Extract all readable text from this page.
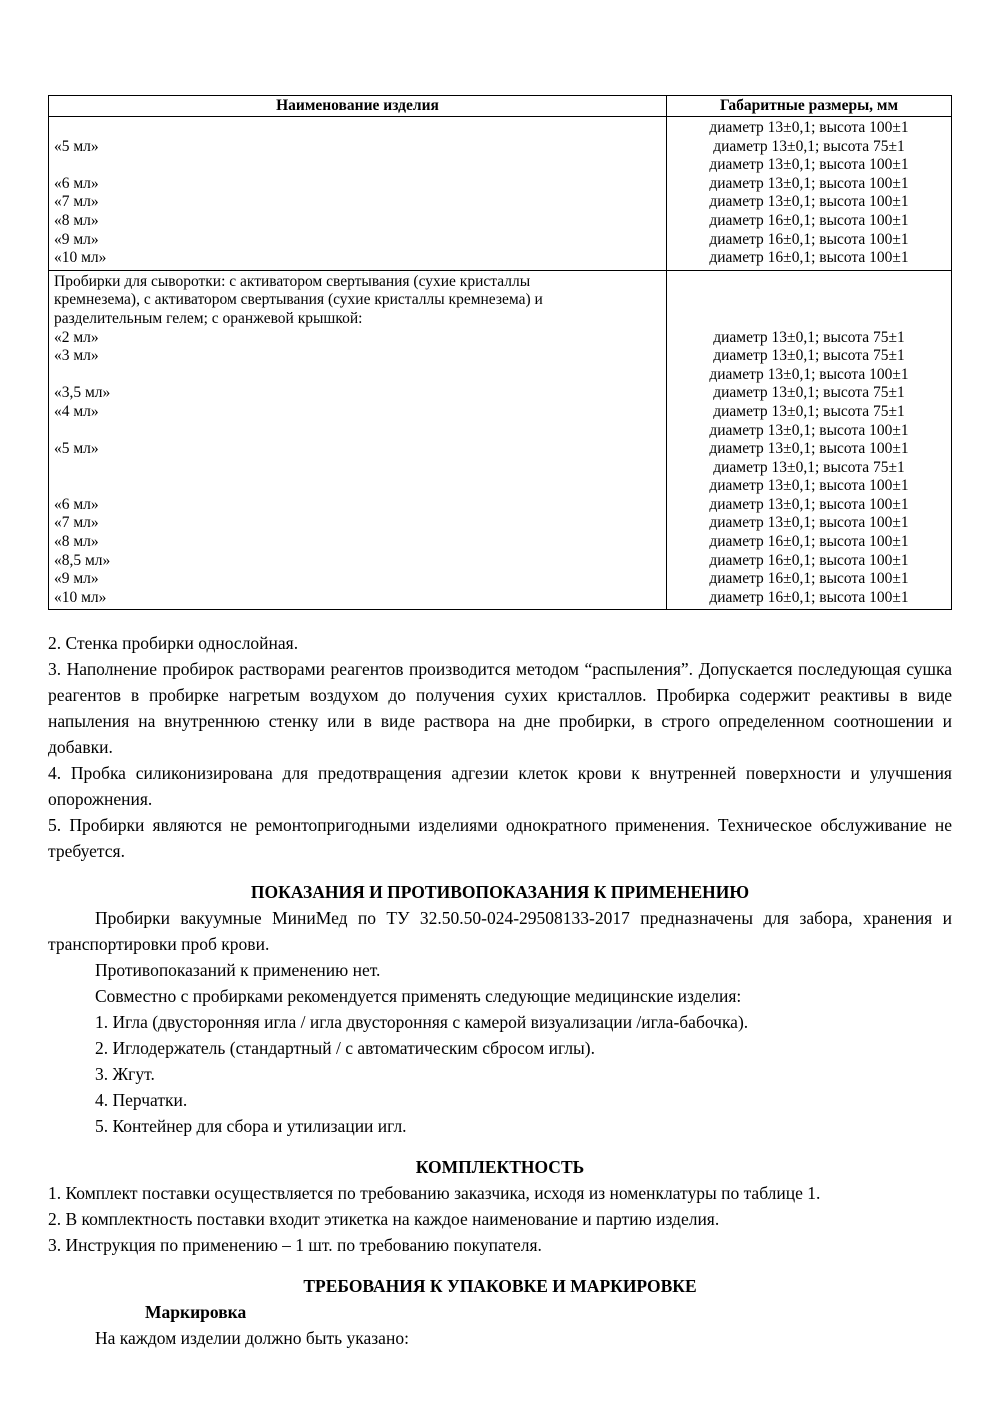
Наименование изделия	Габаритные размеры, мм
«5 мл»
«6 мл»
«7 мл»
«8 мл»
«9 мл»
«10 мл»
диаметр 13±0,1; высота 100±1
диаметр 13±0,1; высота 75±1
диаметр 13±0,1; высота 100±1
диаметр 13±0,1; высота 100±1
диаметр 13±0,1; высота 100±1
диаметр 16±0,1; высота 100±1
диаметр 16±0,1; высота 100±1
диаметр 16±0,1; высота 100±1
Пробирки для сыворотки: с активатором свертывания (сухие кристаллы
кремнезема), с активатором свертывания (сухие кристаллы кремнезема) и
разделительным гелем; с оранжевой крышкой:
«2 мл»
«3 мл»
«3,5 мл»
«4 мл»
«5 мл»
«6 мл»
«7 мл»
«8 мл»
«8,5 мл»
«9 мл»
«10 мл»
диаметр 13±0,1; высота 75±1
диаметр 13±0,1; высота 75±1
диаметр 13±0,1; высота 100±1
диаметр 13±0,1; высота 75±1
диаметр 13±0,1; высота 75±1
диаметр 13±0,1; высота 100±1
диаметр 13±0,1; высота 100±1
диаметр 13±0,1; высота 75±1
диаметр 13±0,1; высота 100±1
диаметр 13±0,1; высота 100±1
диаметр 13±0,1; высота 100±1
диаметр 16±0,1; высота 100±1
диаметр 16±0,1; высота 100±1
диаметр 16±0,1; высота 100±1
диаметр 16±0,1; высота 100±1

2. Стенка пробирки однослойная.

3. Наполнение пробирок растворами реагентов производится методом “распыления”. Допускается последующая сушка реагентов в пробирке нагретым воздухом до получения сухих кристаллов. Пробирка содержит реактивы в виде напыления на внутреннюю стенку или в виде раствора на дне пробирки, в строго определенном соотношении и добавки.

4. Пробка силиконизирована для предотвращения адгезии клеток крови к внутренней поверхности и улучшения опорожнения.

5. Пробирки являются не ремонтопригодными изделиями однократного применения. Техническое обслуживание не требуется.

ПОКАЗАНИЯ И ПРОТИВОПОКАЗАНИЯ К ПРИМЕНЕНИЮ

Пробирки вакуумные МиниМед по ТУ 32.50.50-024-29508133-2017 предназначены для забора, хранения и транспортировки проб крови.

Противопоказаний к применению нет.

Совместно с пробирками рекомендуется применять следующие медицинские изделия:

1. Игла (двусторонняя игла / игла двусторонняя с камерой визуализации /игла-бабочка).

2. Иглодержатель (стандартный / с автоматическим сбросом иглы).

3. Жгут.

4. Перчатки.

5. Контейнер для сбора и утилизации игл.

КОМПЛЕКТНОСТЬ

1. Комплект поставки осуществляется по требованию заказчика, исходя из номенклатуры по таблице 1.

2. В комплектность поставки входит этикетка на каждое наименование и партию изделия.

3. Инструкция по применению – 1 шт. по требованию покупателя.

ТРЕБОВАНИЯ К УПАКОВКЕ И МАРКИРОВКЕ

Маркировка

На каждом изделии должно быть указано:
